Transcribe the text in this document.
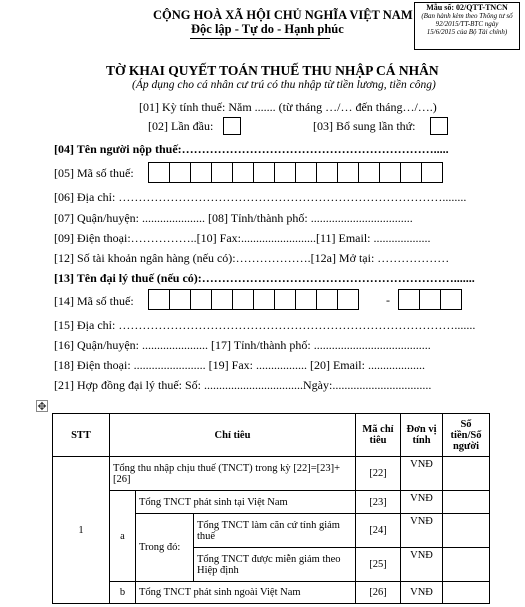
Mẫu số: 02/QTT-TNCN
(Ban hành kèm theo Thông tư số
92/2015/TT-BTC ngày
15/6/2015 của Bộ Tài chính)
CỘNG HOÀ XÃ HỘI CHỦ NGHĨA VIỆT NAM
Độc lập - Tự do - Hạnh phúc
TỜ KHAI QUYẾT TOÁN THUẾ THU NHẬP CÁ NHÂN
(Áp dụng cho cá nhân cư trú có thu nhập từ tiền lương, tiền công)
[01] Kỳ tính thuế: Năm ....... (từ tháng …/… đến tháng…/….)
[02] Lần đầu:	[03] Bổ sung lần thứ:
[04] Tên người nộp thuế:……………………………………………………….....
[05] Mã số thuế:
[06] Địa chỉ: ………………………………………………………………………........
[07] Quận/huyện: ..................... [08] Tỉnh/thành phố: ..................................
[09] Điện thoại:……………..[10] Fax:.........................[11] Email: ...................
[12] Số tài khoản ngân hàng (nếu có):……………….[12a] Mở tại: ………………
[13] Tên đại lý thuế (nếu có):……………………………………………………….......
[14] Mã số thuế:	-
[15] Địa chỉ: ………………………………………………………………………….......
[16] Quận/huyện: ...................... [17] Tỉnh/thành phố: .......................................
[18] Điện thoại: ........................ [19] Fax: ................. [20] Email: ...................
[21] Hợp đồng đại lý thuế: Số: .................................Ngày:.................................
✥
STT	Chỉ tiêu			Mã chỉ tiêu	Đơn vị tính	Số tiền/Số người
1	Tổng thu nhập chịu thuế (TNCT) trong kỳ [22]=[23]+[26]			[22]	VNĐ	
	a	Tổng TNCT phát sinh tại Việt Nam		[23]	VNĐ	
		Trong đó:	Tổng TNCT làm căn cứ tính giảm thuế	[24]	VNĐ	
			Tổng TNCT được miễn giảm theo Hiệp định	[25]	VNĐ	
	b	Tổng TNCT phát sinh ngoài Việt Nam		[26]	VNĐ	
